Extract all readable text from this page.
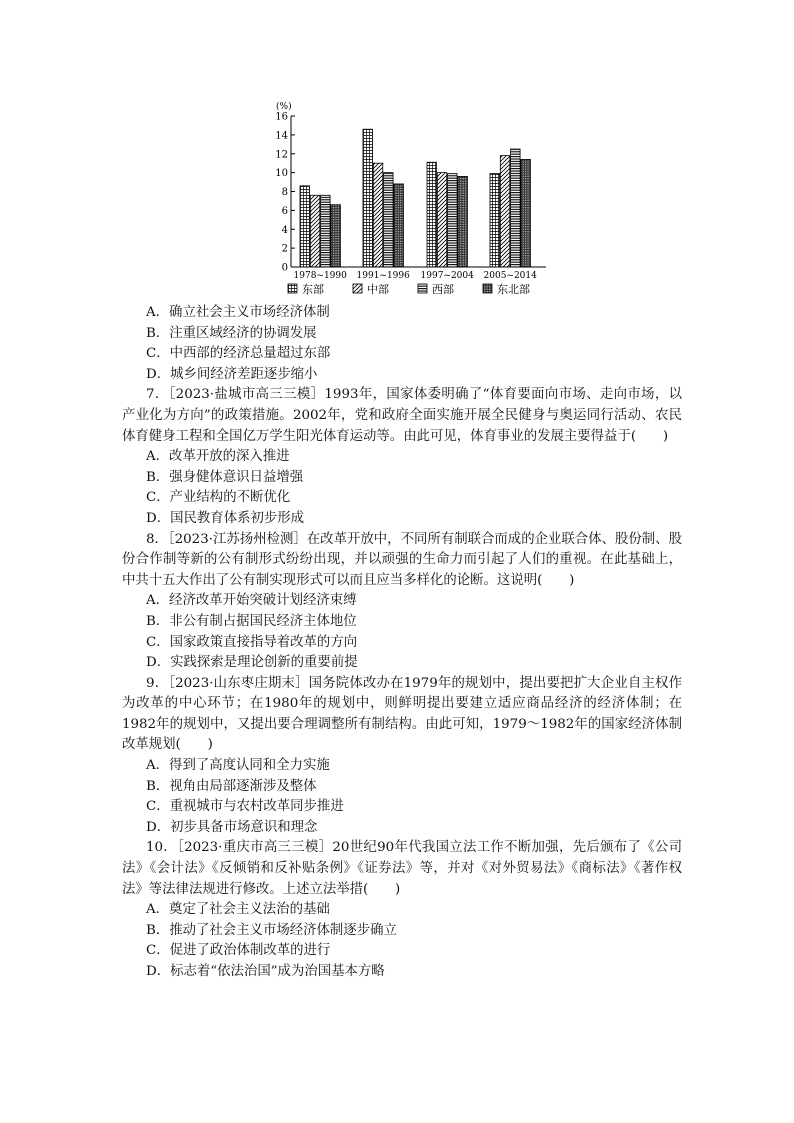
(%)
0
2
4
6
8
10
12
14
16
1978~1990 1991~1996 1997~2004 2005~2014
东部	中部	西部	东北部
A．确立社会主义市场经济体制
B．注重区域经济的协调发展
C．中西部的经济总量超过东部
D．城乡间经济差距逐步缩小
7．［2023·盐城市高三三模］1993年，国家体委明确了“体育要面向市场、走向市场，以产业化为方向”的政策措施。2002年，党和政府全面实施开展全民健身与奥运同行活动、农民体育健身工程和全国亿万学生阳光体育运动等。由此可见，体育事业的发展主要得益于(　　)
A．改革开放的深入推进
B．强身健体意识日益增强
C．产业结构的不断优化
D．国民教育体系初步形成
8．［2023·江苏扬州检测］在改革开放中，不同所有制联合而成的企业联合体、股份制、股份合作制等新的公有制形式纷纷出现，并以顽强的生命力而引起了人们的重视。在此基础上，中共十五大作出了公有制实现形式可以而且应当多样化的论断。这说明(　　)
A．经济改革开始突破计划经济束缚
B．非公有制占据国民经济主体地位
C．国家政策直接指导着改革的方向
D．实践探索是理论创新的重要前提
9．［2023·山东枣庄期末］国务院体改办在1979年的规划中，提出要把扩大企业自主权作为改革的中心环节；在1980年的规划中，则鲜明提出要建立适应商品经济的经济体制；在1982年的规划中，又提出要合理调整所有制结构。由此可知，1979～1982年的国家经济体制改革规划(　　)
A．得到了高度认同和全力实施
B．视角由局部逐渐涉及整体
C．重视城市与农村改革同步推进
D．初步具备市场意识和理念
10．［2023·重庆市高三三模］20世纪90年代我国立法工作不断加强，先后颁布了《公司法》《会计法》《反倾销和反补贴条例》《证券法》等，并对《对外贸易法》《商标法》《著作权法》等法律法规进行修改。上述立法举措(　　)
A．奠定了社会主义法治的基础
B．推动了社会主义市场经济体制逐步确立
C．促进了政治体制改革的进行
D．标志着“依法治国”成为治国基本方略
